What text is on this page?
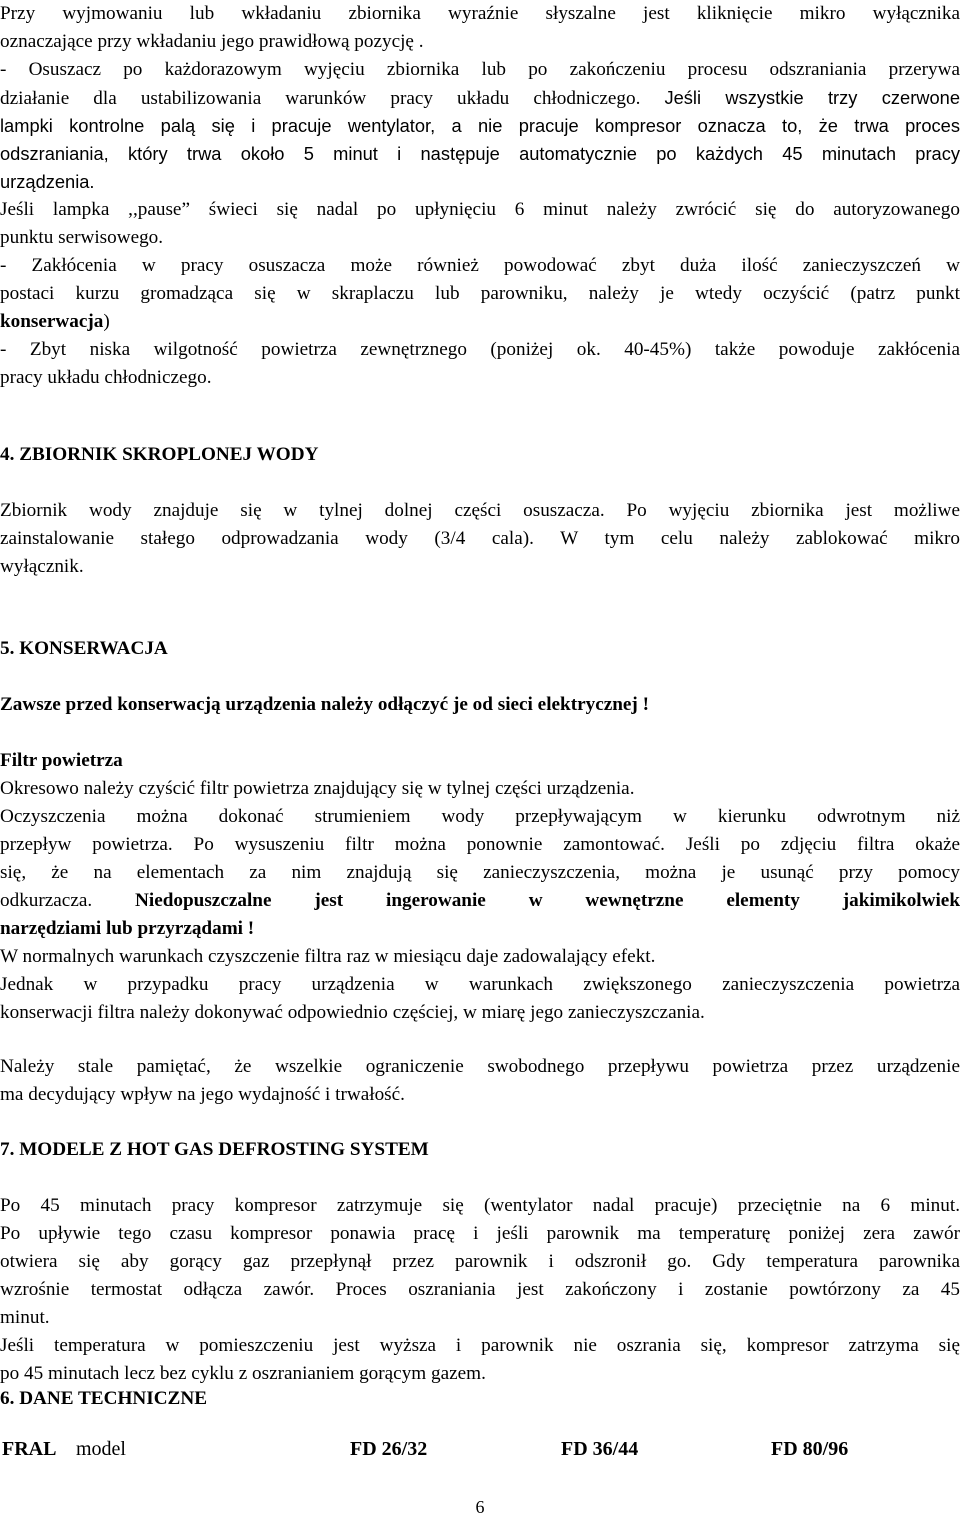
Przy wyjmowaniu lub wkładaniu zbiornika wyraźnie słyszalne jest kliknięcie mikro wyłącznika
oznaczające przy wkładaniu jego prawidłową pozycję .
- Osuszacz po każdorazowym wyjęciu zbiornika lub po zakończeniu procesu odszraniania przerywa
działanie dla ustabilizowania warunków pracy układu chłodniczego. Jeśli wszystkie trzy czerwone
lampki kontrolne palą się i pracuje wentylator, a nie pracuje kompresor oznacza to, że trwa proces
odszraniania, który trwa około 5 minut i następuje automatycznie po każdych 45 minutach pracy
urządzenia.
Jeśli lampka ,,pause” świeci się nadal po upłynięciu 6 minut należy zwrócić się do autoryzowanego
punktu serwisowego.
- Zakłócenia w pracy osuszacza może również powodować zbyt duża ilość zanieczyszczeń w
postaci kurzu gromadząca się w skraplaczu lub parowniku, należy je wtedy oczyścić (patrz punkt
konserwacja)
- Zbyt niska wilgotność powietrza zewnętrznego (poniżej ok. 40-45%) także powoduje zakłócenia
pracy układu chłodniczego.
4. ZBIORNIK SKROPLONEJ WODY
Zbiornik wody znajduje się w tylnej dolnej części osuszacza. Po wyjęciu zbiornika jest możliwe
zainstalowanie stałego odprowadzania wody (3/4 cala). W tym celu należy zablokować mikro
wyłącznik.
5. KONSERWACJA
Zawsze przed konserwacją urządzenia należy odłączyć je od sieci elektrycznej !
Filtr powietrza
Okresowo należy czyścić filtr powietrza znajdujący się w tylnej części urządzenia.
Oczyszczenia można dokonać strumieniem wody przepływającym w kierunku odwrotnym niż
przepływ powietrza. Po wysuszeniu filtr można ponownie zamontować. Jeśli po zdjęciu filtra okaże
się, że na elementach za nim znajdują się zanieczyszczenia, można je usunąć przy pomocy
odkurzacza. Niedopuszczalne jest ingerowanie w wewnętrzne elementy jakimikolwiek
narzędziami lub przyrządami !
W normalnych warunkach czyszczenie filtra raz w miesiącu daje zadowalający efekt.
Jednak w przypadku pracy urządzenia w warunkach zwiększonego zanieczyszczenia powietrza
konserwacji filtra należy dokonywać odpowiednio częściej, w miarę jego zanieczyszczania.
Należy stale pamiętać, że wszelkie ograniczenie swobodnego przepływu powietrza przez urządzenie
ma decydujący wpływ na jego wydajność i trwałość.
7. MODELE Z HOT GAS DEFROSTING SYSTEM
Po 45 minutach pracy kompresor zatrzymuje się (wentylator nadal pracuje) przeciętnie na 6 minut.
Po upływie tego czasu kompresor ponawia pracę i jeśli parownik ma temperaturę poniżej zera zawór
otwiera się aby gorący gaz przepłynął przez parownik i odszronił go. Gdy temperatura parownika
wzrośnie termostat odłącza zawór. Proces oszraniania jest zakończony i zostanie powtórzony za 45
minut.
Jeśli temperatura w pomieszczeniu jest wyższa i parownik nie oszrania się, kompresor zatrzyma się
po 45 minutach lecz bez cyklu z oszranianiem gorącym gazem.
6. DANE TECHNICZNE
FRAL model	FD 26/32	FD 36/44	FD 80/96
6
